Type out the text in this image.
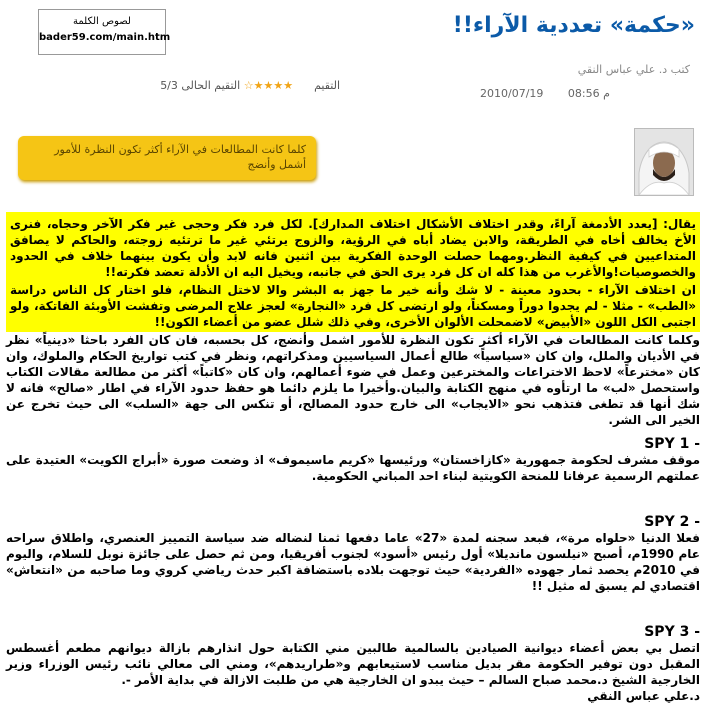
«حكمة» تعددية الآراء!!
لصوص الكلمة
bader59.com/main.htm
كتب د. علي عباس النقي
التقيم      ★★★★☆ التقيم الحالى 5/3
2010/07/19 08:56 م
كلما كانت المطالعات في الآراء أكثر تكون النظرة للأمور أشمل وأنضج

يقال: [يعدد الأدمغة آراءً، وقدر اختلاف الأشكال اختلاف المدارك]. لكل فرد فكر وحجى غير فكر الآخر وحجاه، فنرى الأخ يخالف أخاه في الطريقة، والابن يضاد أباه في الرؤية، والزوج يرتئي غير ما ترتئيه زوجته، والحاكم لا يصافق المتداعيين في كيفية النظر.ومهما حصلت الوحدة الفكرية بين اثنين فانه لابد وأن يكون بينهما خلاف في الحدود والخصوصيات!والأغرب من هذا كله ان كل فرد يرى الحق في جانبه، ويخيل اليه ان الأدلة تعضد فكرته!!

ان اختلاف الآراء - بحدود معينة - لا شك وأنه خير ما جهز به البشر والا لاختل النظام، فلو اختار كل الناس دراسة «الطب» - مثلا - لم يجدوا دوراً ومسكناً، ولو ارتضى كل فرد «النجارة» لعجز علاج المرضى وتفشت الأوبئة الفاتكة، ولو اجتبى الكل اللون «الأبيض» لاضمحلت الألوان الأخرى، وفي ذلك شلل عضو من أعضاء الكون!!

وكلما كانت المطالعات في الآراء أكثر تكون النظرة للأمور اشمل وأنضج، كل بحسبه، فان كان الفرد باحثا «دينياً» نظر في الأديان والملل، وان كان «سياسياً» طالع أعمال السياسيين ومذكراتهم، ونظر في كتب تواريخ الحكام والملوك، وان كان «مخترعاً» لاحظ الاختراعات والمخترعين وعمل في ضوء أعمالهم، وان كان «كاتباً» أكثر من مطالعة مقالات الكتاب واستحصل «لب» ما ارتأوه في منهج الكتابة والبيان.وأخيرا ما يلزم دائما هو حفظ حدود الآراء في اطار «صالح» فانه لا شك أنها قد تطغى فتذهب نحو «الايجاب» الى خارج حدود المصالح، أو تنكس الى جهة «السلب» الى حيث تخرج عن الخير الى الشر.

SPY 1 -

موقف مشرف لحكومة جمهورية «كازاخستان» ورئيسها «كريم ماسيموف» اذ وضعت صورة «أبراج الكويت» العتيدة على عملتهم الرسمية عرفانا للمنحة الكويتية لبناء احد المباني الحكومية.

SPY 2 -

فعلا الدنيا «حلواه مرة»، فبعد سجنه لمدة «27» عاما دفعها ثمنا لنضاله ضد سياسة التمييز العنصري، واطلاق سراحه عام 1990م، أصبح «نيلسون مانديلا» أول رئيس «أسود» لجنوب أفريقيا، ومن ثم حصل على جائزة نوبل للسلام، واليوم في 2010م يحصد ثمار جهوده «الفردية» حيث توجهت بلاده باستضافة اكبر حدث رياضي كروي وما صاحبه من «انتعاش» اقتصادي لم يسبق له مثيل !!

SPY 3 -

اتصل بي بعض أعضاء ديوانية الصيادين بالسالمية طالبين مني الكتابة حول انذارهم بازالة ديوانهم مطعم أغسطس المقبل دون توفير الحكومة مقر بديل مناسب لاستيعابهم و«طراريدهم»، ومني الى معالي نائب رئيس الوزراء وزير الخارجية الشيخ د.محمد صباح السالم – حيث يبدو ان الخارجية هي من طلبت الازالة في بداية الأمر -.

د.علي عباس النقي
